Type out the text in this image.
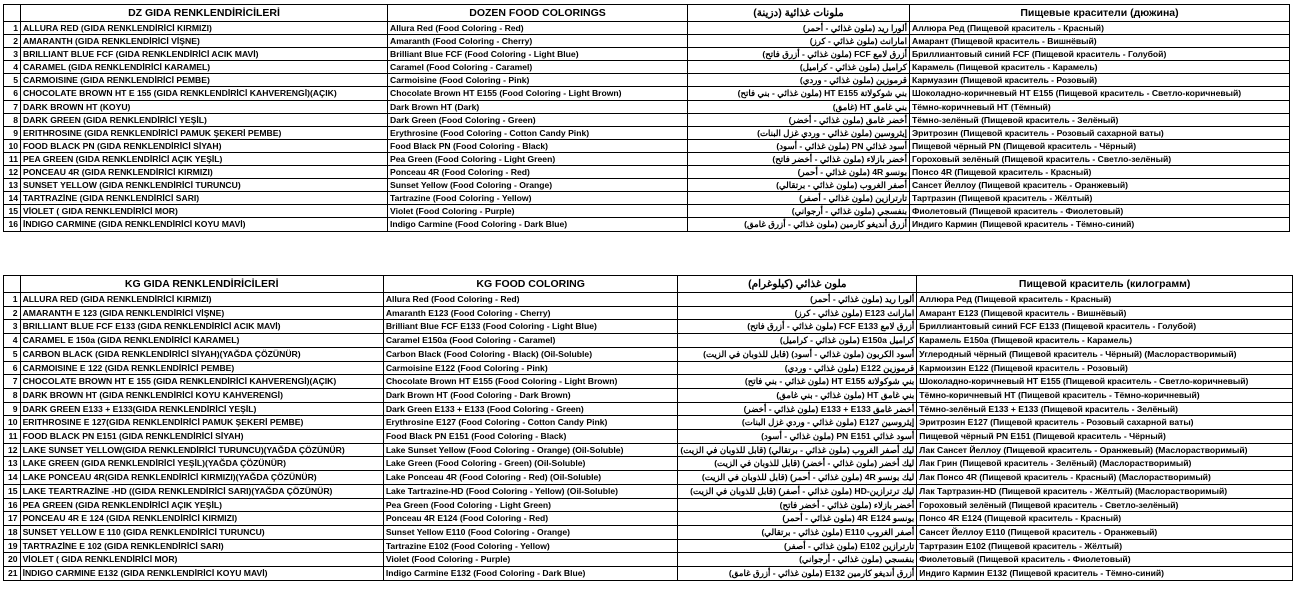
	DZ GIDA RENKLENDİRİCİLERİ	DOZEN FOOD COLORINGS	ملونات غذائية (دزينة)	Пищевые красители (дюжина)
1	ALLURA RED (GIDA RENKLENDİRİCİ KIRMIZI)	Allura Red (Food Coloring - Red)	ألورا ريد (ملون غذائي - أحمر)	Аллюра Ред (Пищевой краситель - Красный)
2	AMARANTH (GIDA RENKLENDİRİCİ VİŞNE)	Amaranth (Food Coloring - Cherry)	امارانث (ملون غذائي - كرز)	Амарант (Пищевой краситель - Вишнёвый)
3	BRILLIANT BLUE FCF (GIDA RENKLENDİRİCİ ACIK MAVİ)	Brilliant Blue FCF (Food Coloring - Light Blue)	أزرق لامع FCF (ملون غذائي - أزرق فاتح)	Бриллиантовый синий FCF (Пищевой краситель - Голубой)
4	CARAMEL (GIDA RENKLENDİRİCİ KARAMEL)	Caramel (Food Coloring - Caramel)	كراميل (ملون غذائي - كراميل)	Карамель (Пищевой краситель - Карамель)
5	CARMOISINE (GIDA RENKLENDİRİCİ PEMBE)	Carmoisine (Food Coloring - Pink)	قرموزين (ملون غذائي - وردي)	Кармуазин (Пищевой краситель - Розовый)
6	CHOCOLATE BROWN HT E 155 (GIDA RENKLENDİRİCİ KAHVERENGİ)(AÇIK)	Chocolate Brown HT E155 (Food Coloring - Light Brown)	بني شوكولاتة HT E155 (ملون غذائي - بني فاتح)	Шоколадно-коричневый HT E155 (Пищевой краситель - Светло-коричневый)
7	DARK BROWN HT (KOYU)	Dark Brown HT (Dark)	بني غامق HT (غامق)	Тёмно-коричневый HT (Тёмный)
8	DARK GREEN (GIDA RENKLENDİRİCİ YEŞİL)	Dark Green (Food Coloring - Green)	أخضر غامق (ملون غذائي - أخضر)	Тёмно-зелёный (Пищевой краситель - Зелёный)
9	ERITHROSINE (GIDA RENKLENDİRİCİ PAMUK ŞEKERİ PEMBE)	Erythrosine (Food Coloring - Cotton Candy Pink)	إيثروسين (ملون غذائي - وردي غزل البنات)	Эритрозин (Пищевой краситель - Розовый сахарной ваты)
10	FOOD BLACK PN (GIDA RENKLENDİRİCİ SİYAH)	Food Black PN (Food Coloring - Black)	أسود غذائي PN (ملون غذائي - أسود)	Пищевой чёрный PN (Пищевой краситель - Чёрный)
11	PEA GREEN (GIDA RENKLENDİRİCİ AÇIK YEŞİL)	Pea Green (Food Coloring - Light Green)	أخضر بازلاء (ملون غذائي - أخضر فاتح)	Гороховый зелёный (Пищевой краситель - Светло-зелёный)
12	PONCEAU 4R (GIDA RENKLENDİRİCİ KIRMIZI)	Ponceau 4R (Food Coloring - Red)	بونسو 4R (ملون غذائي - أحمر)	Понсо 4R (Пищевой краситель - Красный)
13	SUNSET YELLOW (GIDA RENKLENDİRİCİ TURUNCU)	Sunset Yellow (Food Coloring - Orange)	أصفر الغروب (ملون غذائي - برتقالي)	Сансет Йеллоу (Пищевой краситель - Оранжевый)
14	TARTRAZİNE (GIDA RENKLENDİRİCİ SARI)	Tartrazine (Food Coloring - Yellow)	تارترازين (ملون غذائي - أصفر)	Тартразин (Пищевой краситель - Жёлтый)
15	VİOLET ( GIDA RENKLENDİRİCİ MOR)	Violet (Food Coloring - Purple)	بنفسجي (ملون غذائي - أرجواني)	Фиолетовый (Пищевой краситель - Фиолетовый)
16	İNDIGO CARMINE (GIDA RENKLENDİRİCİ KOYU MAVİ)	Indigo Carmine (Food Coloring - Dark Blue)	أزرق أنديغو كارمين (ملون غذائي - أزرق غامق)	Индиго Кармин (Пищевой краситель - Тёмно-синий)
	KG GIDA RENKLENDİRİCİLERİ	KG FOOD COLORING	ملون غذائي (كيلوغرام)	Пищевой краситель (килограмм)
1	ALLURA RED (GIDA RENKLENDİRİCİ KIRMIZI)	Allura Red (Food Coloring - Red)	ألورا ريد (ملون غذائي - أحمر)	Аллюра Ред (Пищевой краситель - Красный)
2	AMARANTH E 123 (GIDA RENKLENDİRİCİ VİŞNE)	Amaranth E123 (Food Coloring - Cherry)	امارانث E123 (ملون غذائي - كرز)	Амарант E123 (Пищевой краситель - Вишнёвый)
3	BRILLIANT BLUE FCF E133 (GIDA RENKLENDİRİCİ ACIK MAVİ)	Brilliant Blue FCF E133 (Food Coloring - Light Blue)	أزرق لامع FCF E133 (ملون غذائي - أزرق فاتح)	Бриллиантовый синий FCF E133 (Пищевой краситель - Голубой)
4	CARAMEL E 150a (GIDA RENKLENDİRİCİ KARAMEL)	Caramel E150a (Food Coloring - Caramel)	كراميل E150a (ملون غذائي - كراميل)	Карамель E150a (Пищевой краситель - Карамель)
5	CARBON BLACK (GIDA RENKLENDİRİCİ SİYAH)(YAĞDA ÇÖZÜNÜR)	Carbon Black (Food Coloring - Black) (Oil-Soluble)	أسود الكربون (ملون غذائي - أسود) (قابل للذوبان في الزيت)	Углеродный чёрный (Пищевой краситель - Чёрный) (Маслорастворимый)
6	CARMOISINE E 122 (GIDA RENKLENDİRİCİ PEMBE)	Carmoisine E122 (Food Coloring - Pink)	قرموزين E122 (ملون غذائي - وردي)	Кармоизин E122 (Пищевой краситель - Розовый)
7	CHOCOLATE BROWN HT E 155 (GIDA RENKLENDİRİCİ KAHVERENGİ)(AÇIK)	Chocolate Brown HT E155 (Food Coloring - Light Brown)	بني شوكولاتة HT E155 (ملون غذائي - بني فاتح)	Шоколадно-коричневый HT E155 (Пищевой краситель - Светло-коричневый)
8	DARK BROWN HT (GIDA RENKLENDİRİCİ KOYU KAHVERENGİ)	Dark Brown HT (Food Coloring - Dark Brown)	بني غامق HT (ملون غذائي - بني غامق)	Тёмно-коричневый HT (Пищевой краситель - Тёмно-коричневый)
9	DARK GREEN E133 + E133(GIDA RENKLENDİRİCİ YEŞİL)	Dark Green E133 + E133 (Food Coloring - Green)	أخضر غامق E133 + E133 (ملون غذائي - أخضر)	Тёмно-зелёный E133 + E133 (Пищевой краситель - Зелёный)
10	ERITHROSINE E 127(GIDA RENKLENDİRİCİ PAMUK ŞEKERİ PEMBE)	Erythrosine E127 (Food Coloring - Cotton Candy Pink)	إيثروسين E127 (ملون غذائي - وردي غزل البنات)	Эритрозин E127 (Пищевой краситель - Розовый сахарной ваты)
11	FOOD BLACK PN E151 (GIDA RENKLENDİRİCİ SİYAH)	Food Black PN E151 (Food Coloring - Black)	أسود غذائي PN E151 (ملون غذائي - أسود)	Пищевой чёрный PN E151 (Пищевой краситель - Чёрный)
12	LAKE SUNSET YELLOW(GIDA RENKLENDİRİCİ TURUNCU)(YAĞDA ÇÖZÜNÜR)	Lake Sunset Yellow (Food Coloring - Orange) (Oil-Soluble)	ليك أصفر الغروب (ملون غذائي - برتقالي) (قابل للذوبان في الزيت)	Лак Сансет Йеллоу (Пищевой краситель - Оранжевый) (Маслорастворимый)
13	LAKE GREEN (GIDA RENKLENDİRİCİ YEŞİL)(YAĞDA ÇÖZÜNÜR)	Lake Green (Food Coloring - Green) (Oil-Soluble)	ليك أخضر (ملون غذائي - أخضر) (قابل للذوبان في الزيت)	Лак Грин (Пищевой краситель - Зелёный) (Маслорастворимый)
14	LAKE PONCEAU 4R(GIDA RENKLENDİRİCİ KIRMIZI)(YAĞDA ÇÖZÜNÜR)	Lake Ponceau 4R (Food Coloring - Red) (Oil-Soluble)	ليك بونسو 4R (ملون غذائي - أحمر) (قابل للذوبان في الزيت)	Лак Понсо 4R (Пищевой краситель - Красный) (Маслорастворимый)
15	LAKE TEARTRAZİNE -HD ((GIDA RENKLENDİRİCİ SARI)(YAĞDA ÇÖZÜNÜR)	Lake Tartrazine-HD (Food Coloring - Yellow) (Oil-Soluble)	ليك ترترازين-HD (ملون غذائي - أصفر) (قابل للذوبان في الزيت)	Лак Тартразин-HD (Пищевой краситель - Жёлтый) (Маслорастворимый)
16	PEA GREEN (GIDA RENKLENDİRİCİ AÇIK YEŞİL)	Pea Green (Food Coloring - Light Green)	أخضر بازلاء (ملون غذائي - أخضر فاتح)	Гороховый зелёный (Пищевой краситель - Светло-зелёный)
17	PONCEAU 4R E 124 (GIDA RENKLENDİRİCİ KIRMIZI)	Ponceau 4R E124 (Food Coloring - Red)	بونسو 4R E124 (ملون غذائي - أحمر)	Понсо 4R E124 (Пищевой краситель - Красный)
18	SUNSET YELLOW E 110 (GIDA RENKLENDİRİCİ TURUNCU)	Sunset Yellow E110 (Food Coloring - Orange)	أصفر الغروب E110 (ملون غذائي - برتقالي)	Сансет Йеллоу E110 (Пищевой краситель - Оранжевый)
19	TARTRAZİNE E 102 (GIDA RENKLENDİRİCİ SARI)	Tartrazine E102 (Food Coloring - Yellow)	تارترازين E102 (ملون غذائي - أصفر)	Тартразин E102 (Пищевой краситель - Жёлтый)
20	VİOLET ( GIDA RENKLENDİRİCİ MOR)	Violet (Food Coloring - Purple)	بنفسجي (ملون غذائي - أرجواني)	Фиолетовый (Пищевой краситель - Фиолетовый)
21	İNDIGO CARMINE E132 (GIDA RENKLENDİRİCİ KOYU MAVİ)	Indigo Carmine E132 (Food Coloring - Dark Blue)	أزرق أنديغو كارمين E132 (ملون غذائي - أزرق غامق)	Индиго Кармин E132 (Пищевой краситель - Тёмно-синий)
